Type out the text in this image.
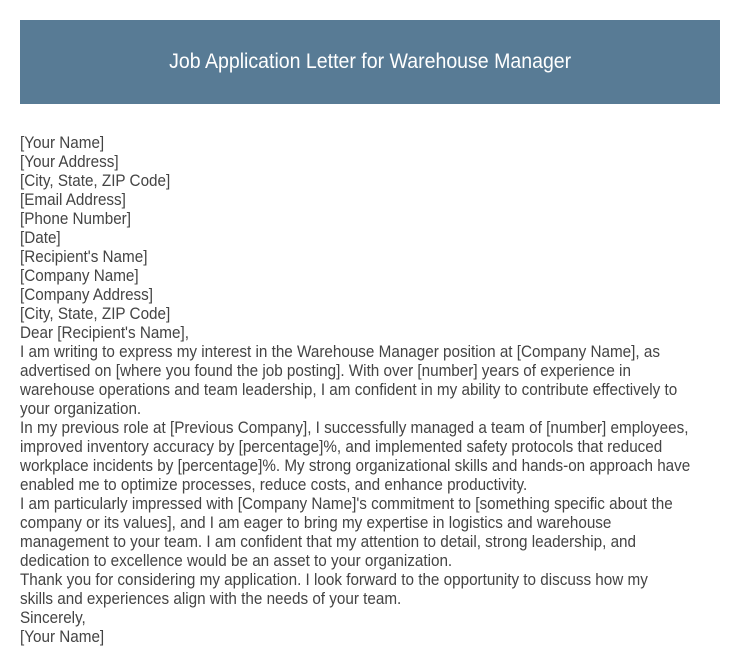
Job Application Letter for Warehouse Manager
[Your Name]
[Your Address]
[City, State, ZIP Code]
[Email Address]
[Phone Number]
[Date]
[Recipient's Name]
[Company Name]
[Company Address]
[City, State, ZIP Code]
Dear [Recipient's Name],
I am writing to express my interest in the Warehouse Manager position at [Company Name], as
advertised on [where you found the job posting]. With over [number] years of experience in
warehouse operations and team leadership, I am confident in my ability to contribute effectively to
your organization.
In my previous role at [Previous Company], I successfully managed a team of [number] employees,
improved inventory accuracy by [percentage]%, and implemented safety protocols that reduced
workplace incidents by [percentage]%. My strong organizational skills and hands-on approach have
enabled me to optimize processes, reduce costs, and enhance productivity.
I am particularly impressed with [Company Name]'s commitment to [something specific about the
company or its values], and I am eager to bring my expertise in logistics and warehouse
management to your team. I am confident that my attention to detail, strong leadership, and
dedication to excellence would be an asset to your organization.
Thank you for considering my application. I look forward to the opportunity to discuss how my
skills and experiences align with the needs of your team.
Sincerely,
[Your Name]
